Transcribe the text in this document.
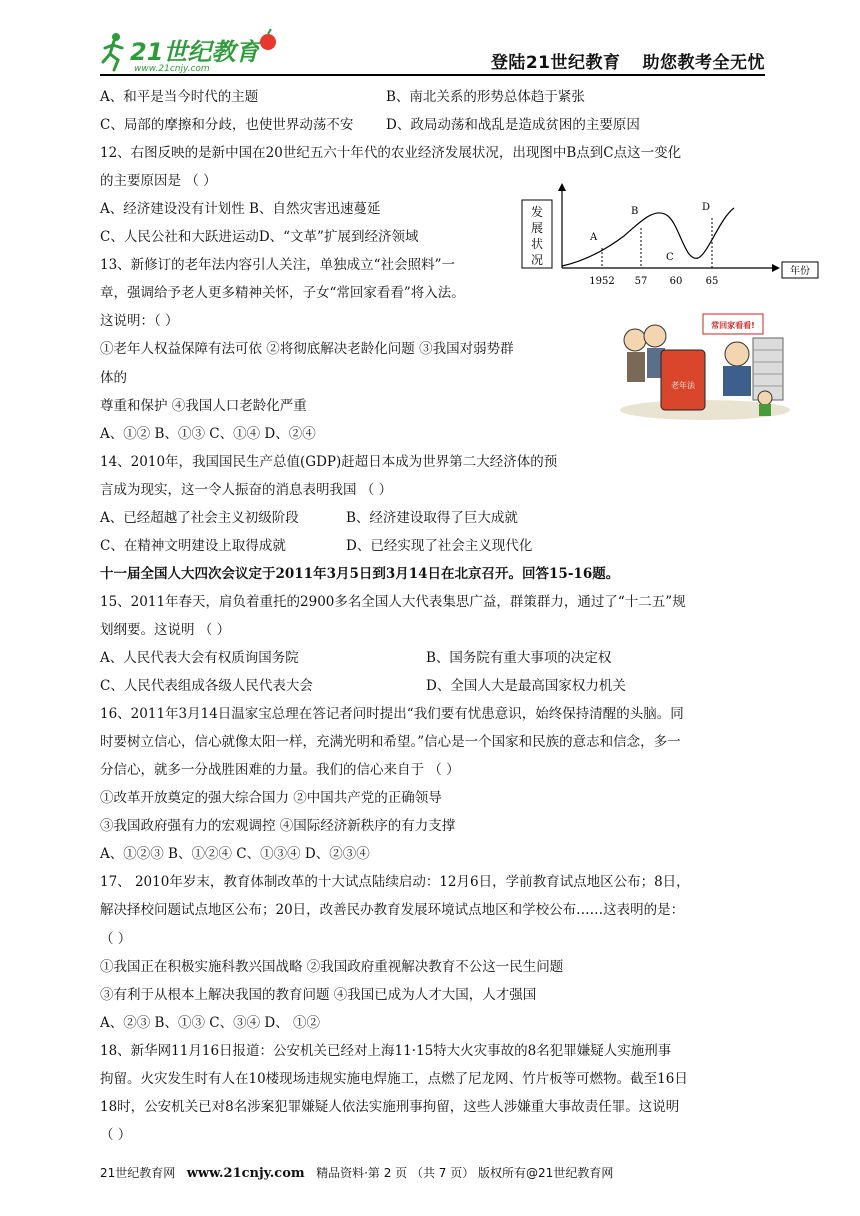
21世纪教育
www.21cnjy.com	登陆21世纪教育 助您教考全无忧
A、和平是当今时代的主题	B、南北关系的形势总体趋于紧张
C、局部的摩擦和分歧，也使世界动荡不安 D、政局动荡和战乱是造成贫困的主要原因
12、右图反映的是新中国在20世纪五六十年代的农业经济发展状况，出现图中B点到C点这一变化
的主要原因是 （ ）
A、经济建设没有计划性 B、自然灾害迅速蔓延
C、人民公社和大跃进运动D、“文革”扩展到经济领域
13、新修订的老年法内容引人关注，单独成立“社会照料”一
章，强调给予老人更多精神关怀，子女“常回家看看”将入法。
这说明：（ ）
①老年人权益保障有法可依 ②将彻底解决老龄化问题 ③我国对弱势群
体的
尊重和保护 ④我国人口老龄化严重
A、①② B、①③ C、①④ D、②④
14、2010年，我国国民生产总值(GDP)赶超日本成为世界第二大经济体的预
言成为现实，这一令人振奋的消息表明我国 （ ）
A、已经超越了社会主义初级阶段	B、经济建设取得了巨大成就
C、在精神文明建设上取得成就	D、已经实现了社会主义现代化
十一届全国人大四次会议定于2011年3月5日到3月14日在北京召开。回答15-16题。
15、2011年春天，肩负着重托的2900多名全国人大代表集思广益，群策群力，通过了“十二五”规
划纲要。这说明 （ ）
A、人民代表大会有权质询国务院	B、国务院有重大事项的决定权
C、人民代表组成各级人民代表大会	D、全国人大是最高国家权力机关
16、2011年3月14日温家宝总理在答记者问时提出“我们要有忧患意识，始终保持清醒的头脑。同
时要树立信心，信心就像太阳一样，充满光明和希望。”信心是一个国家和民族的意志和信念，多一
分信心，就多一分战胜困难的力量。我们的信心来自于 （ ）
①改革开放奠定的强大综合国力 ②中国共产党的正确领导
③我国政府强有力的宏观调控 ④国际经济新秩序的有力支撑
A、①②③ B、①②④ C、①③④ D、②③④
17、 2010年岁末，教育体制改革的十大试点陆续启动：12月6日，学前教育试点地区公布；8日，
解决择校问题试点地区公布；20日，改善民办教育发展环境试点地区和学校公布……这表明的是：
（ ）
①我国正在积极实施科教兴国战略 ②我国政府重视解决教育不公这一民生问题
③有利于从根本上解决我国的教育问题 ④我国已成为人才大国，人才强国
A、②③ B、①③ C、③④ D、 ①②
18、新华网11月16日报道：公安机关已经对上海11·15特大火灾事故的8名犯罪嫌疑人实施刑事
拘留。火灾发生时有人在10楼现场违规实施电焊施工，点燃了尼龙网、竹片板等可燃物。截至16日
18时，公安机关已对8名涉案犯罪嫌疑人依法实施刑事拘留，这些人涉嫌重大事故责任罪。这说明
（ ）
发
展
状
况
年份
1952
A
57
B
60
C
65
D
老年法
常回家看看!
21世纪教育网 www.21cnjy.com 精品资料·第 2 页 （共 7 页） 版权所有@21世纪教育网
